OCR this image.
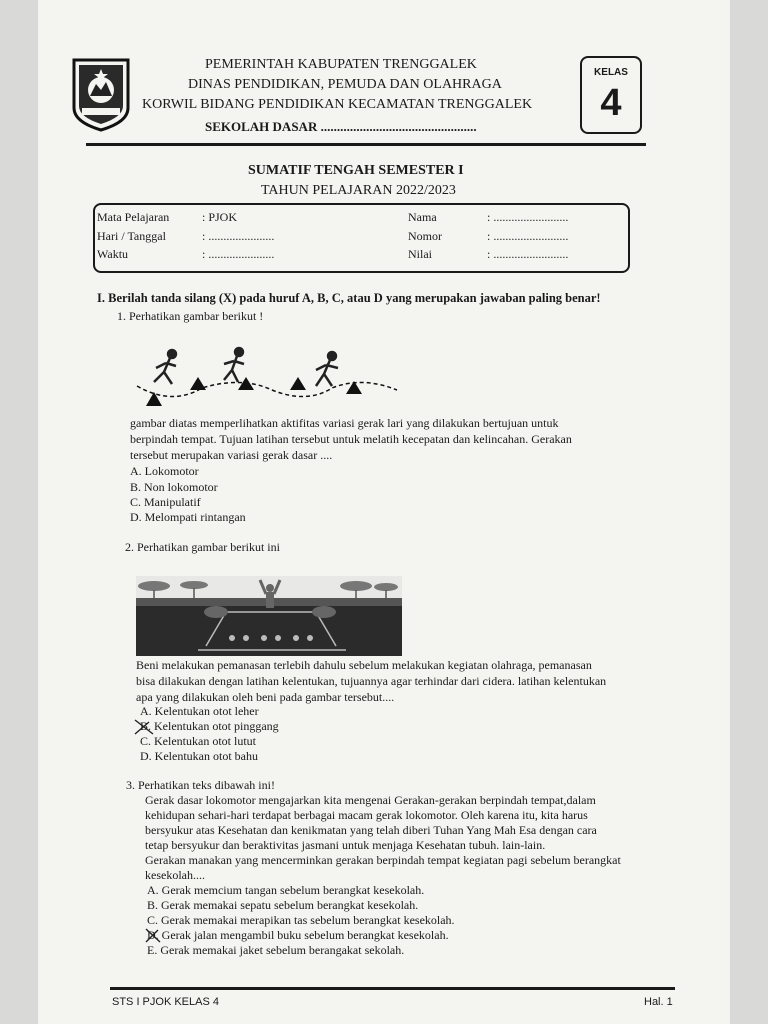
PEMERINTAH KABUPATEN TRENGGALEK
DINAS PENDIDIKAN, PEMUDA DAN OLAHRAGA
KORWIL BIDANG PENDIDIKAN KECAMATAN TRENGGALEK
SEKOLAH DASAR ................................................
KELAS
4
SUMATIF TENGAH SEMESTER I
TAHUN PELAJARAN 2022/2023
Mata Pelajaran	: PJOK
Hari / Tanggal	: ......................
Waktu	: ......................
Nama	: .........................
Nomor	: .........................
Nilai	: .........................
I. Berilah tanda silang (X) pada huruf A, B, C, atau D yang merupakan jawaban paling benar!
1. Perhatikan gambar berikut !
gambar diatas memperlihatkan aktifitas variasi gerak lari yang dilakukan bertujuan untuk
berpindah tempat. Tujuan latihan tersebut untuk melatih kecepatan dan kelincahan. Gerakan
tersebut merupakan variasi gerak dasar ....
A. Lokomotor
B. Non lokomotor
C. Manipulatif
D. Melompati rintangan
2. Perhatikan gambar berikut ini
Beni melakukan pemanasan terlebih dahulu sebelum melakukan kegiatan olahraga, pemanasan
bisa dilakukan dengan latihan kelentukan, tujuannya agar terhindar dari cidera. latihan kelentukan
apa yang dilakukan oleh beni pada gambar tersebut....
A. Kelentukan otot leher
B. Kelentukan otot pinggang
C. Kelentukan otot lutut
D. Kelentukan otot bahu
3. Perhatikan teks dibawah ini!
Gerak dasar lokomotor mengajarkan kita mengenai Gerakan-gerakan berpindah tempat,dalam
kehidupan sehari-hari terdapat berbagai macam gerak lokomotor. Oleh karena itu, kita harus
bersyukur atas Kesehatan dan kenikmatan yang telah diberi Tuhan Yang Mah Esa dengan cara
tetap bersyukur dan beraktivitas jasmani untuk menjaga Kesehatan tubuh. lain-lain.
Gerakan manakan yang mencerminkan gerakan berpindah tempat kegiatan pagi sebelum berangkat
kesekolah....
A. Gerak memcium tangan sebelum berangkat kesekolah.
B. Gerak memakai sepatu sebelum berangkat kesekolah.
C. Gerak memakai merapikan tas sebelum berangkat kesekolah.
D. Gerak jalan mengambil buku sebelum berangkat kesekolah.
E. Gerak memakai jaket sebelum berangakat sekolah.
STS I PJOK KELAS 4	Hal. 1
